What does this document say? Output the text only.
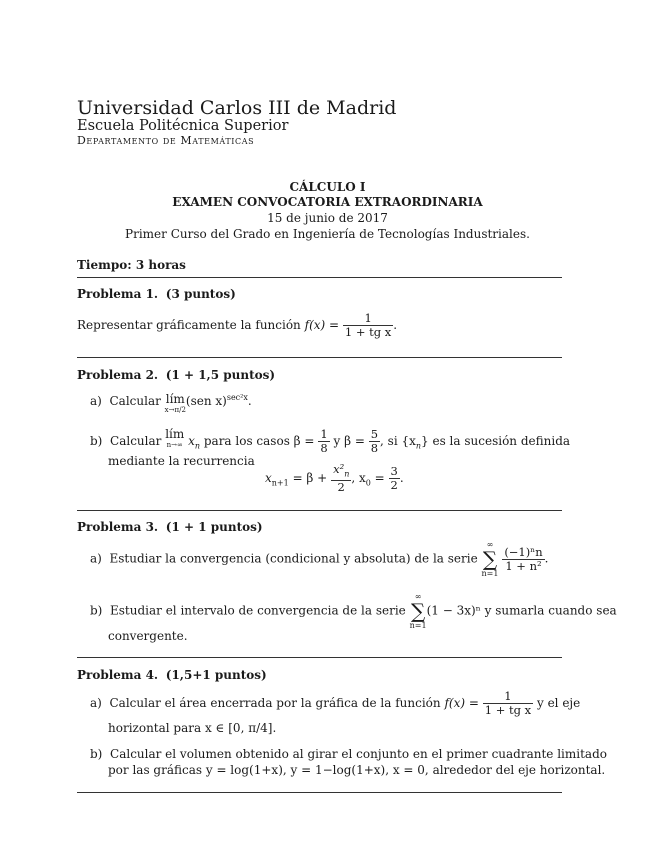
Universidad Carlos III de Madrid
Escuela Politécnica Superior
Departamento de Matemáticas
CÁLCULO I
EXAMEN CONVOCATORIA EXTRAORDINARIA
15 de junio de 2017
Primer Curso del Grado en Ingeniería de Tecnologías Industriales.
Tiempo: 3 horas
Problema 1. (3 puntos)
Representar gráficamente la función $f(x) = \frac{1}{\text{1 + tg x}}$ .
Problema 2. (1 + 1,5 puntos)
a) Calcular lím
x→π/2
(sen x)$^{sec^2x}$.
b) Calcular lím
n→∞ $x_n$ para los casos $\beta = \frac{1}{8}$ y $\beta = \frac{5}{8}$ , si $\{x_n\}$ es la sucesión definida
mediante la recurrencia
$x_{n+1} = \beta + \frac{x^2_n}{2}$ , $x_0 = \frac{3}{2}$ .
Problema 3. (1 + 1 puntos)
a) Estudiar la convergencia (condicional y absoluta) de la serie ∞
∑
n=1
$\frac{\text{(−1)ⁿn}}{\text{1 + n²}}$ .
b) Estudiar el intervalo de convergencia de la serie ∞
∑
n=1(1 − 3x)ⁿ y sumarla cuando sea
convergente.
Problema 4. (1,5+1 puntos)
a) Calcular el área encerrada por la gráfica de la función $f(x) = \frac{1}{\text{1 + tg x}}$ y el eje
horizontal para x ∈ [0, π/4].
b) Calcular el volumen obtenido al girar el conjunto en el primer cuadrante limitado
por las gráficas y = log(1+x), y = 1−log(1+x), x = 0, alrededor del eje horizontal.
